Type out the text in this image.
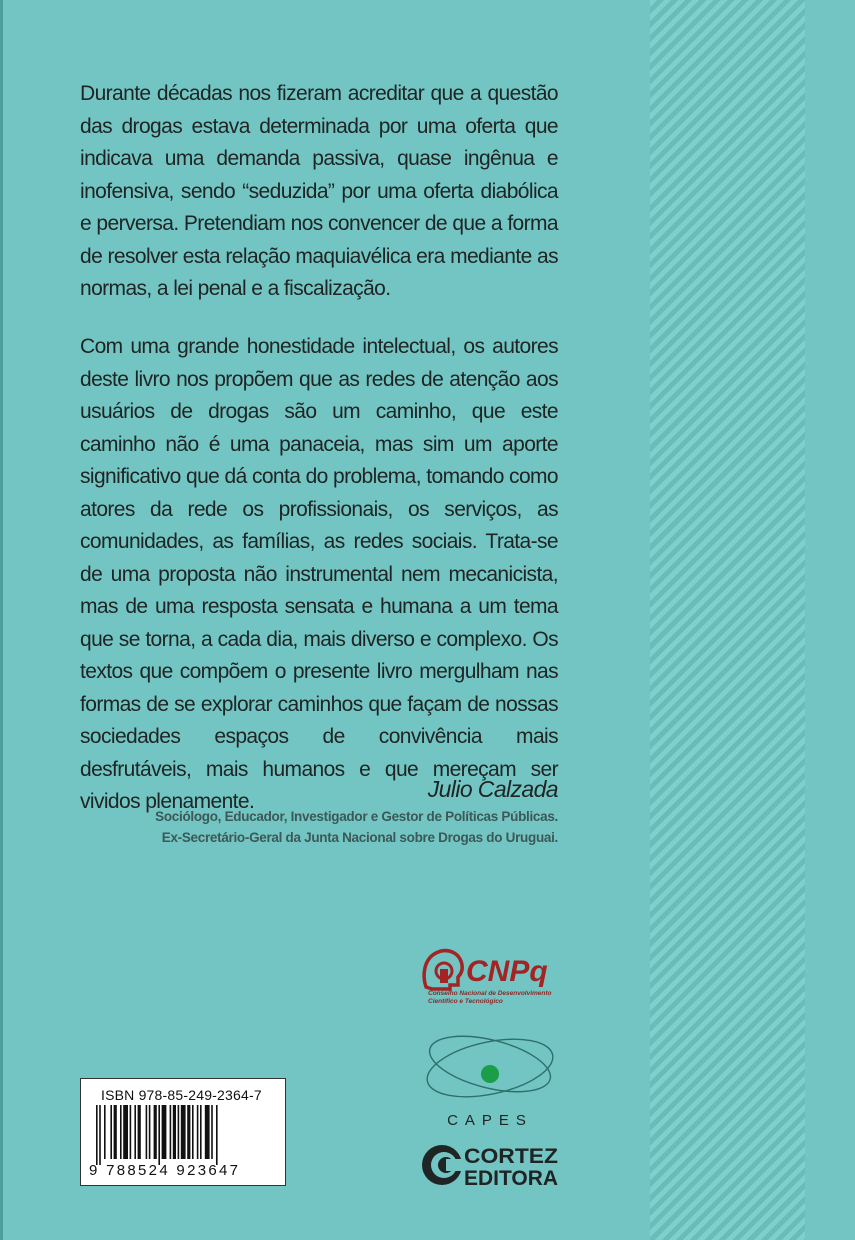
Durante décadas nos fizeram acreditar que a questão das drogas estava determinada por uma oferta que indicava uma demanda passiva, quase ingênua e inofensiva, sendo “seduzida” por uma oferta diabólica e perversa. Pretendiam nos convencer de que a forma de resolver esta relação maquiavélica era mediante as normas, a lei penal e a fiscalização.

Com uma grande honestidade intelectual, os autores deste livro nos propõem que as redes de atenção aos usuários de drogas são um caminho, que este caminho não é uma panaceia, mas sim um aporte significativo que dá conta do problema, tomando como atores da rede os profissionais, os serviços, as comunidades, as famílias, as redes sociais. Trata-se de uma proposta não instrumental nem mecanicista, mas de uma resposta sensata e humana a um tema que se torna, a cada dia, mais diverso e complexo. Os textos que compõem o presente livro mergulham nas formas de se explorar caminhos que façam de nossas sociedades espaços de convivência mais desfrutáveis, mais humanos e que mereçam ser vividos plenamente.	Julio Calzada
Sociólogo, Educador, Investigador e Gestor de Políticas Públicas.
Ex-Secretário-Geral da Junta Nacional sobre Drogas do Uruguai.
CNPq
Conselho Nacional de Desenvolvimento
Científico e Tecnológico
CAPES
CORTEZ
EDITORA
ISBN 978-85-249-2364-7
9 788524 923647
